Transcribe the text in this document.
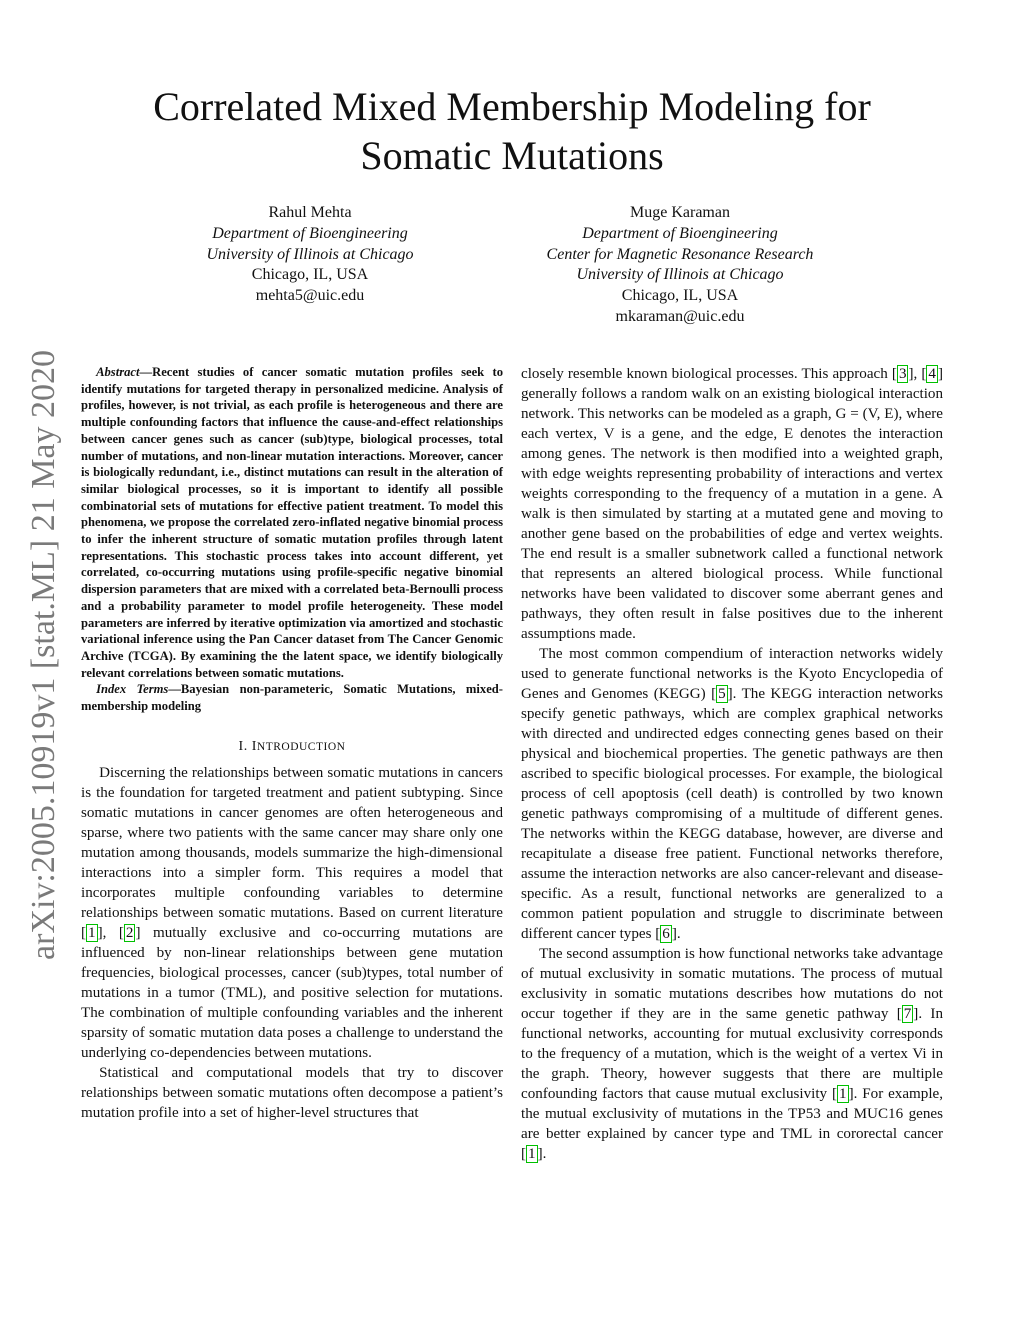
arXiv:2005.10919v1 [stat.ML] 21 May 2020
Correlated Mixed Membership Modeling for
Somatic Mutations
Rahul Mehta
Department of Bioengineering
University of Illinois at Chicago
Chicago, IL, USA
mehta5@uic.edu
Muge Karaman
Department of Bioengineering
Center for Magnetic Resonance Research
University of Illinois at Chicago
Chicago, IL, USA
mkaraman@uic.edu

Abstract—Recent studies of cancer somatic mutation profiles seek to identify mutations for targeted therapy in personalized medicine. Analysis of profiles, however, is not trivial, as each profile is heterogeneous and there are multiple confounding factors that influence the cause-and-effect relationships between cancer genes such as cancer (sub)type, biological processes, total number of mutations, and non-linear mutation interactions. Moreover, cancer is biologically redundant, i.e., distinct mutations can result in the alteration of similar biological processes, so it is important to identify all possible combinatorial sets of mutations for effective patient treatment. To model this phenomena, we propose the correlated zero-inflated negative binomial process to infer the inherent structure of somatic mutation profiles through latent representations. This stochastic process takes into account different, yet correlated, co-occurring mutations using profile-specific negative binomial dispersion parameters that are mixed with a correlated beta-Bernoulli process and a probability parameter to model profile heterogeneity. These model parameters are inferred by iterative optimization via amortized and stochastic variational inference using the Pan Cancer dataset from The Cancer Genomic Archive (TCGA). By examining the the latent space, we identify biologically relevant correlations between somatic mutations.

Index Terms—Bayesian non-parameteric, Somatic Mutations, mixed-membership modeling

I. INTRODUCTION

Discerning the relationships between somatic mutations in cancers is the foundation for targeted treatment and patient subtyping. Since somatic mutations in cancer genomes are often heterogeneous and sparse, where two patients with the same cancer may share only one mutation among thousands, models summarize the high-dimensional interactions into a simpler form. This requires a model that incorporates multiple confounding variables to determine relationships between somatic mutations. Based on current literature [ 1 ], [ 2 ] mutually exclusive and co-occurring mutations are influenced by non-linear relationships between gene mutation frequencies, biological processes, cancer (sub)types, total number of mutations in a tumor (TML), and positive selection for mutations. The combination of multiple confounding variables and the inherent sparsity of somatic mutation data poses a challenge to understand the underlying co-dependencies between mutations.

Statistical and computational models that try to discover relationships between somatic mutations often decompose a patient’s mutation profile into a set of higher-level structures that

closely resemble known biological processes. This approach [ 3 ], [ 4 ] generally follows a random walk on an existing biological interaction network. This networks can be modeled as a graph, G = (V, E), where each vertex, V is a gene, and the edge, E denotes the interaction among genes. The network is then modified into a weighted graph, with edge weights representing probability of interactions and vertex weights corresponding to the frequency of a mutation in a gene. A walk is then simulated by starting at a mutated gene and moving to another gene based on the probabilities of edge and vertex weights. The end result is a smaller subnetwork called a functional network that represents an altered biological process. While functional networks have been validated to discover some aberrant genes and pathways, they often result in false positives due to the inherent assumptions made.

The most common compendium of interaction networks widely used to generate functional networks is the Kyoto Encyclopedia of Genes and Genomes (KEGG) [ 5 ]. The KEGG interaction networks specify genetic pathways, which are complex graphical networks with directed and undirected edges connecting genes based on their physical and biochemical properties. The genetic pathways are then ascribed to specific biological processes. For example, the biological process of cell apoptosis (cell death) is controlled by two known genetic pathways compromising of a multitude of different genes. The networks within the KEGG database, however, are diverse and recapitulate a disease free patient. Functional networks therefore, assume the interaction networks are also cancer-relevant and disease-specific. As a result, functional networks are generalized to a common patient population and struggle to discriminate between different cancer types [ 6 ].

The second assumption is how functional networks take advantage of mutual exclusivity in somatic mutations. The process of mutual exclusivity in somatic mutations describes how mutations do not occur together if they are in the same genetic pathway [ 7 ]. In functional networks, accounting for mutual exclusivity corresponds to the frequency of a mutation, which is the weight of a vertex Vi in the graph. Theory, however suggests that there are multiple confounding factors that cause mutual exclusivity [ 1 ]. For example, the mutual exclusivity of mutations in the TP53 and MUC16 genes are better explained by cancer type and TML in cororectal cancer [ 1 ].
